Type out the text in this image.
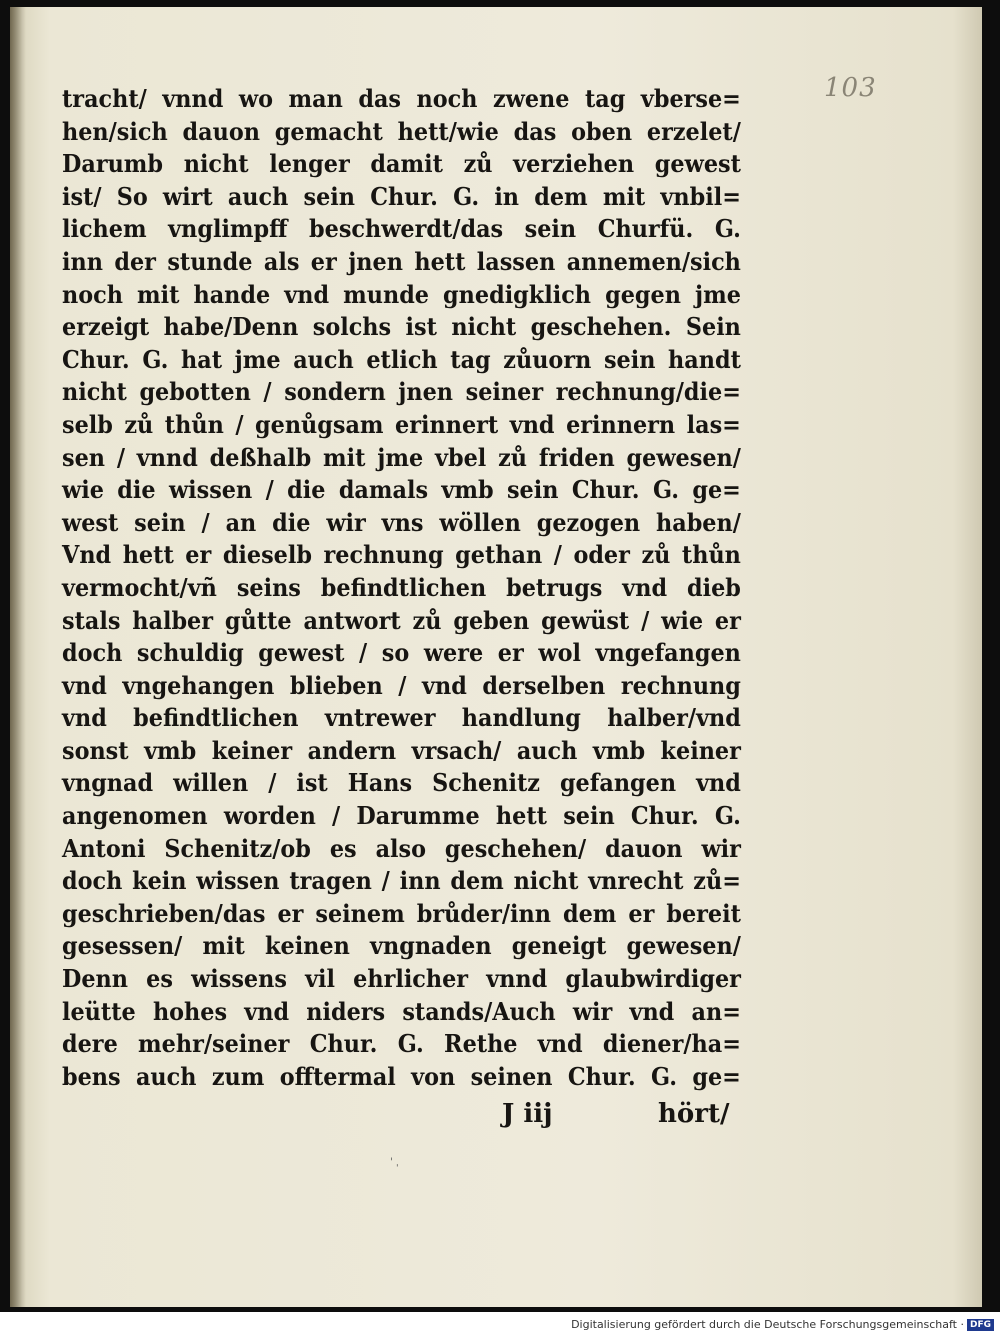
103
tracht/ vnnd wo man das noch zwene tag vberse=
hen/sich dauon gemacht hett/wie das oben erzelet/
Darumb nicht lenger damit zů verziehen gewest
ist/ So wirt auch sein Chur. G. in dem mit vnbil=
lichem vnglimpff beschwerdt/das sein Churfü. G.
inn der stunde als er jnen hett lassen annemen/sich
noch mit hande vnd munde gnedigklich gegen jme
erzeigt habe/Denn solchs ist nicht geschehen. Sein
Chur. G. hat jme auch etlich tag zůuorn sein handt
nicht gebotten / sondern jnen seiner rechnung/die=
selb zů thůn / genůgsam erinnert vnd erinnern las=
sen / vnnd deßhalb mit jme vbel zů friden gewesen/
wie die wissen / die damals vmb sein Chur. G. ge=
west sein / an die wir vns wöllen gezogen haben/
Vnd hett er dieselb rechnung gethan / oder zů thůn
vermocht/vñ seins befindtlichen betrugs vnd dieb
stals halber gůtte antwort zů geben gewüst / wie er
doch schuldig gewest / so were er wol vngefangen
vnd vngehangen blieben / vnd derselben rechnung
vnd befindtlichen vntrewer handlung halber/vnd
sonst vmb keiner andern vrsach/ auch vmb keiner
vngnad willen / ist Hans Schenitz gefangen vnd
angenomen worden / Darumme hett sein Chur. G.
Antoni Schenitz/ob es also geschehen/ dauon wir
doch kein wissen tragen / inn dem nicht vnrecht zů=
geschrieben/das er seinem brůder/inn dem er bereit
gesessen/ mit keinen vngnaden geneigt gewesen/
Denn es wissens vil ehrlicher vnnd glaubwirdiger
leütte hohes vnd niders stands/Auch wir vnd an=
dere mehr/seiner Chur. G. Rethe vnd diener/ha=
bens auch zum offtermal von seinen Chur. G. ge=
J iij	hört/
' ˌ
Digitalisierung gefördert durch die Deutsche Forschungsgemeinschaft · DFG
